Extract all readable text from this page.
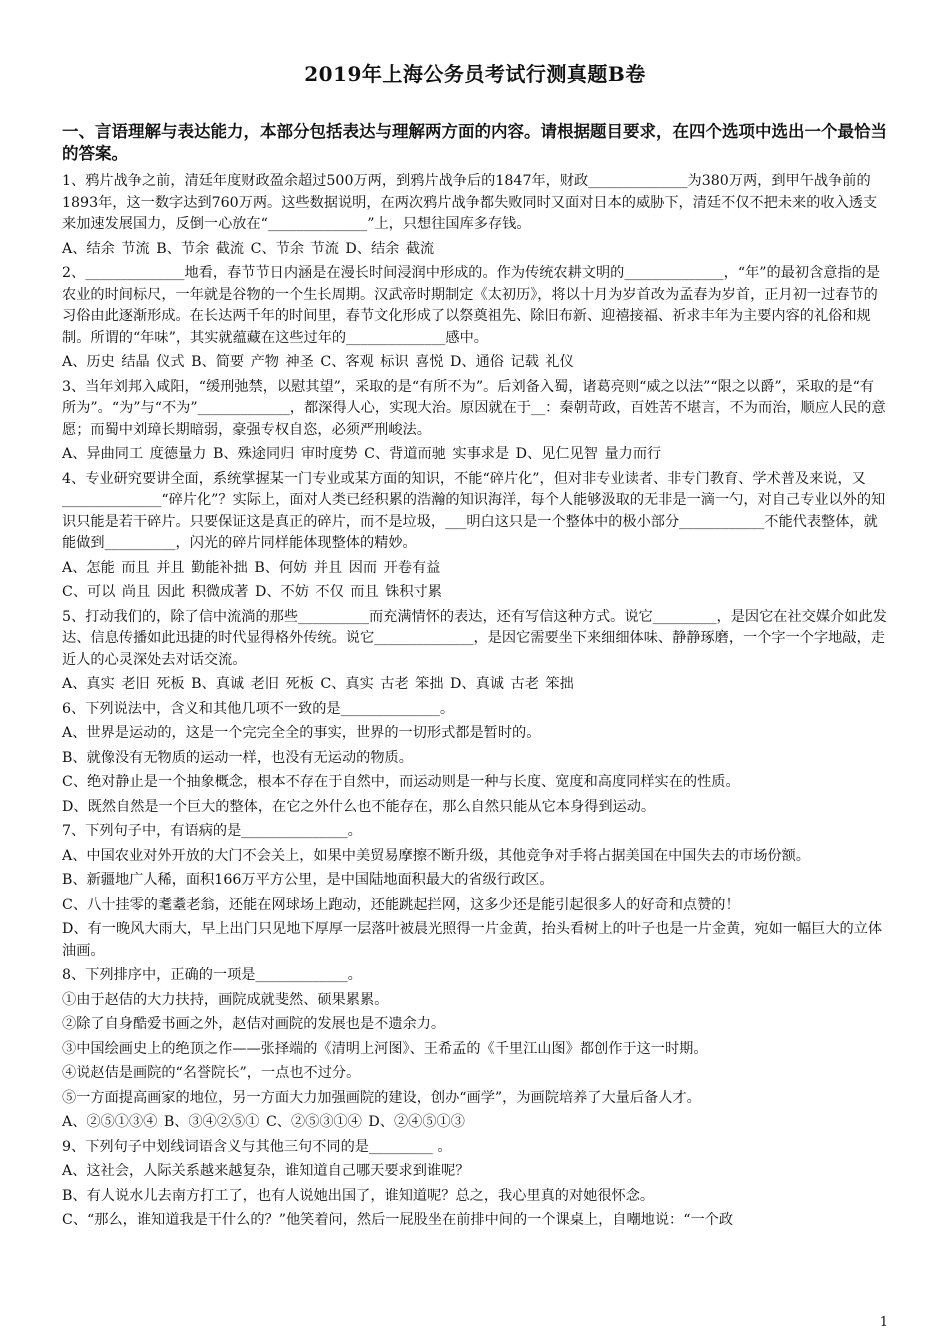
2019年上海公务员考试行测真题B卷
一、言语理解与表达能力，本部分包括表达与理解两方面的内容。请根据题目要求，在四个选项中选出一个最恰当的答案。

1、鸦片战争之前，清廷年度财政盈余超过500万两，到鸦片战争后的1847年，财政______________为380万两，到甲午战争前的1893年，这一数字达到760万两。这些数据说明，在两次鸦片战争都失败同时又面对日本的威胁下，清廷不仅不把未来的收入透支来加速发展国力，反倒一心放在“______________”上，只想往国库多存钱。

A、结余 节流 B、节余 截流 C、节余 节流 D、结余 截流

2、______________地看，春节节日内涵是在漫长时间浸润中形成的。作为传统农耕文明的______________，“年”的最初含意指的是农业的时间标尺，一年就是谷物的一个生长周期。汉武帝时期制定《太初历》，将以十月为岁首改为孟春为岁首，正月初一过春节的习俗由此逐渐形成。在长达两千年的时间里，春节文化形成了以祭奠祖先、除旧布新、迎禧接福、祈求丰年为主要内容的礼俗和规制。所谓的“年味”，其实就蕴藏在这些过年的______________感中。

A、历史 结晶 仪式 B、简要 产物 神圣 C、客观 标识 喜悦 D、通俗 记载 礼仪

3、当年刘邦入咸阳，“缓刑弛禁，以慰其望”，采取的是“有所不为”。后刘备入蜀，诸葛亮则“威之以法”“限之以爵”，采取的是“有所为”。“为”与“不为”_____________，都深得人心，实现大治。原因就在于__：秦朝苛政，百姓苦不堪言，不为而治，顺应人民的意愿；而蜀中刘璋长期暗弱，豪强专权自恣，必须严刑峻法。

A、异曲同工 度德量力 B、殊途同归 审时度势 C、背道而驰 实事求是 D、见仁见智 量力而行

4、专业研究要讲全面，系统掌握某一门专业或某方面的知识，不能“碎片化”，但对非专业读者、非专门教育、学术普及来说，又______________“碎片化”？实际上，面对人类已经积累的浩瀚的知识海洋，每个人能够汲取的无非是一滴一勺，对自己专业以外的知识只能是若干碎片。只要保证这是真正的碎片，而不是垃圾，___明白这只是一个整体中的极小部分____________不能代表整体，就能做到__________，闪光的碎片同样能体现整体的精妙。

A、怎能 而且 并且 勤能补拙 B、何妨 并且 因而 开卷有益

C、可以 尚且 因此 积微成著 D、不妨 不仅 而且 铢积寸累

5、打动我们的，除了信中流淌的那些__________而充满情怀的表达，还有写信这种方式。说它_________，是因它在社交媒介如此发达、信息传播如此迅捷的时代显得格外传统。说它______________，是因它需要坐下来细细体味、静静琢磨，一个字一个字地敲，走近人的心灵深处去对话交流。

A、真实 老旧 死板 B、真诚 老旧 死板 C、真实 古老 笨拙 D、真诚 古老 笨拙

6、下列说法中，含义和其他几项不一致的是______________。

A、世界是运动的，这是一个完完全全的事实，世界的一切形式都是暂时的。

B、就像没有无物质的运动一样，也没有无运动的物质。

C、绝对静止是一个抽象概念，根本不存在于自然中，而运动则是一种与长度、宽度和高度同样实在的性质。

D、既然自然是一个巨大的整体，在它之外什么也不能存在，那么自然只能从它本身得到运动。

7、下列句子中，有语病的是_______________。

A、中国农业对外开放的大门不会关上，如果中美贸易摩擦不断升级，其他竞争对手将占据美国在中国失去的市场份额。

B、新疆地广人稀，面积166万平方公里，是中国陆地面积最大的省级行政区。

C、八十挂零的耄耋老翁，还能在网球场上跑动，还能跳起拦网，这多少还是能引起很多人的好奇和点赞的！

D、有一晚风大雨大，早上出门只见地下厚厚一层落叶被晨光照得一片金黄，抬头看树上的叶子也是一片金黄，宛如一幅巨大的立体油画。

8、下列排序中，正确的一项是_____________。

①由于赵佶的大力扶持，画院成就斐然、硕果累累。

②除了自身酷爱书画之外，赵佶对画院的发展也是不遗余力。

③中国绘画史上的绝顶之作——张择端的《清明上河图》、王希孟的《千里江山图》都创作于这一时期。

④说赵佶是画院的“名誉院长”，一点也不过分。

⑤一方面提高画家的地位，另一方面大力加强画院的建设，创办“画学”，为画院培养了大量后备人才。

A、②⑤①③④ B、③④②⑤① C、②⑤③①④ D、②④⑤①③

9、下列句子中划线词语含义与其他三句不同的是_________ 。

A、这社会，人际关系越来越复杂，谁知道自己哪天要求到谁呢？

B、有人说水儿去南方打工了，也有人说她出国了，谁知道呢？总之，我心里真的对她很怀念。

C、“那么，谁知道我是干什么的？”他笑着问，然后一屁股坐在前排中间的一个课桌上，自嘲地说：“一个政

1
